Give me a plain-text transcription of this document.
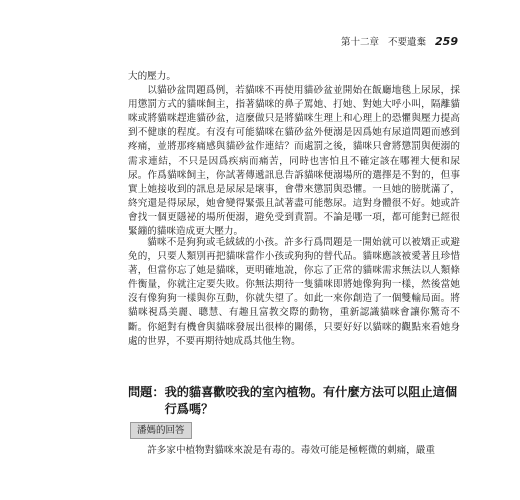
第十二章 不要遺棄 259

大的壓力。

以貓砂盆問題爲例，若貓咪不再使用貓砂盆並開始在飯廳地毯上尿尿，採用懲罰方式的貓咪飼主，指著貓咪的鼻子罵她、打她、對她大呼小叫，隔離貓咪或將貓咪趕進貓砂盆，這麼做只是將貓咪生理上和心理上的恐懼與壓力提高到不健康的程度。有沒有可能貓咪在貓砂盆外便溺是因爲她有尿道問題而感到疼痛，並將那疼痛感與貓砂盆作連結？而處罰之後，貓咪只會將懲罰與便溺的需求連結，不只是因爲疾病而痛苦，同時也害怕且不確定該在哪裡大便和尿尿。作爲貓咪飼主，你試著傳遞訊息告訴貓咪便溺場所的選擇是不對的，但事實上她接收到的訊息是尿尿是壞事，會帶來懲罰與恐懼。一旦她的膀胱滿了，終究還是得尿尿，她會變得緊張且試著盡可能憋尿。這對身體很不好。她或許會找一個更隱祕的場所便溺，避免受到責罰。不論是哪一項，都可能對已經很緊繃的貓咪造成更大壓力。

貓咪不是狗狗或毛絨絨的小孩。許多行爲問題是一開始就可以被矯正或避免的，只要人類別再把貓咪當作小孩或狗狗的替代品。貓咪應該被愛著且珍惜著，但當你忘了她是貓咪，更明確地說，你忘了正常的貓咪需求無法以人類條件衡量，你就注定要失敗。你無法期待一隻貓咪即將她像狗狗一樣，然後當她沒有像狗狗一樣與你互動，你就失望了。如此一來你創造了一個雙輸局面。將貓咪視爲美麗、聰慧、有趣且富教交際的動物，重新認識貓咪會讓你驚奇不斷。你絕對有機會與貓咪發展出很棒的關係，只要好好以貓咪的觀點來看她身處的世界，不要再期待她成爲其他生物。

問題： 我的貓喜歡咬我的室內植物。有什麼方法可以阻止這個行爲嗎？
潘媽的回答

許多家中植物對貓咪來說是有毒的。毒效可能是極輕微的刺痛，嚴重
